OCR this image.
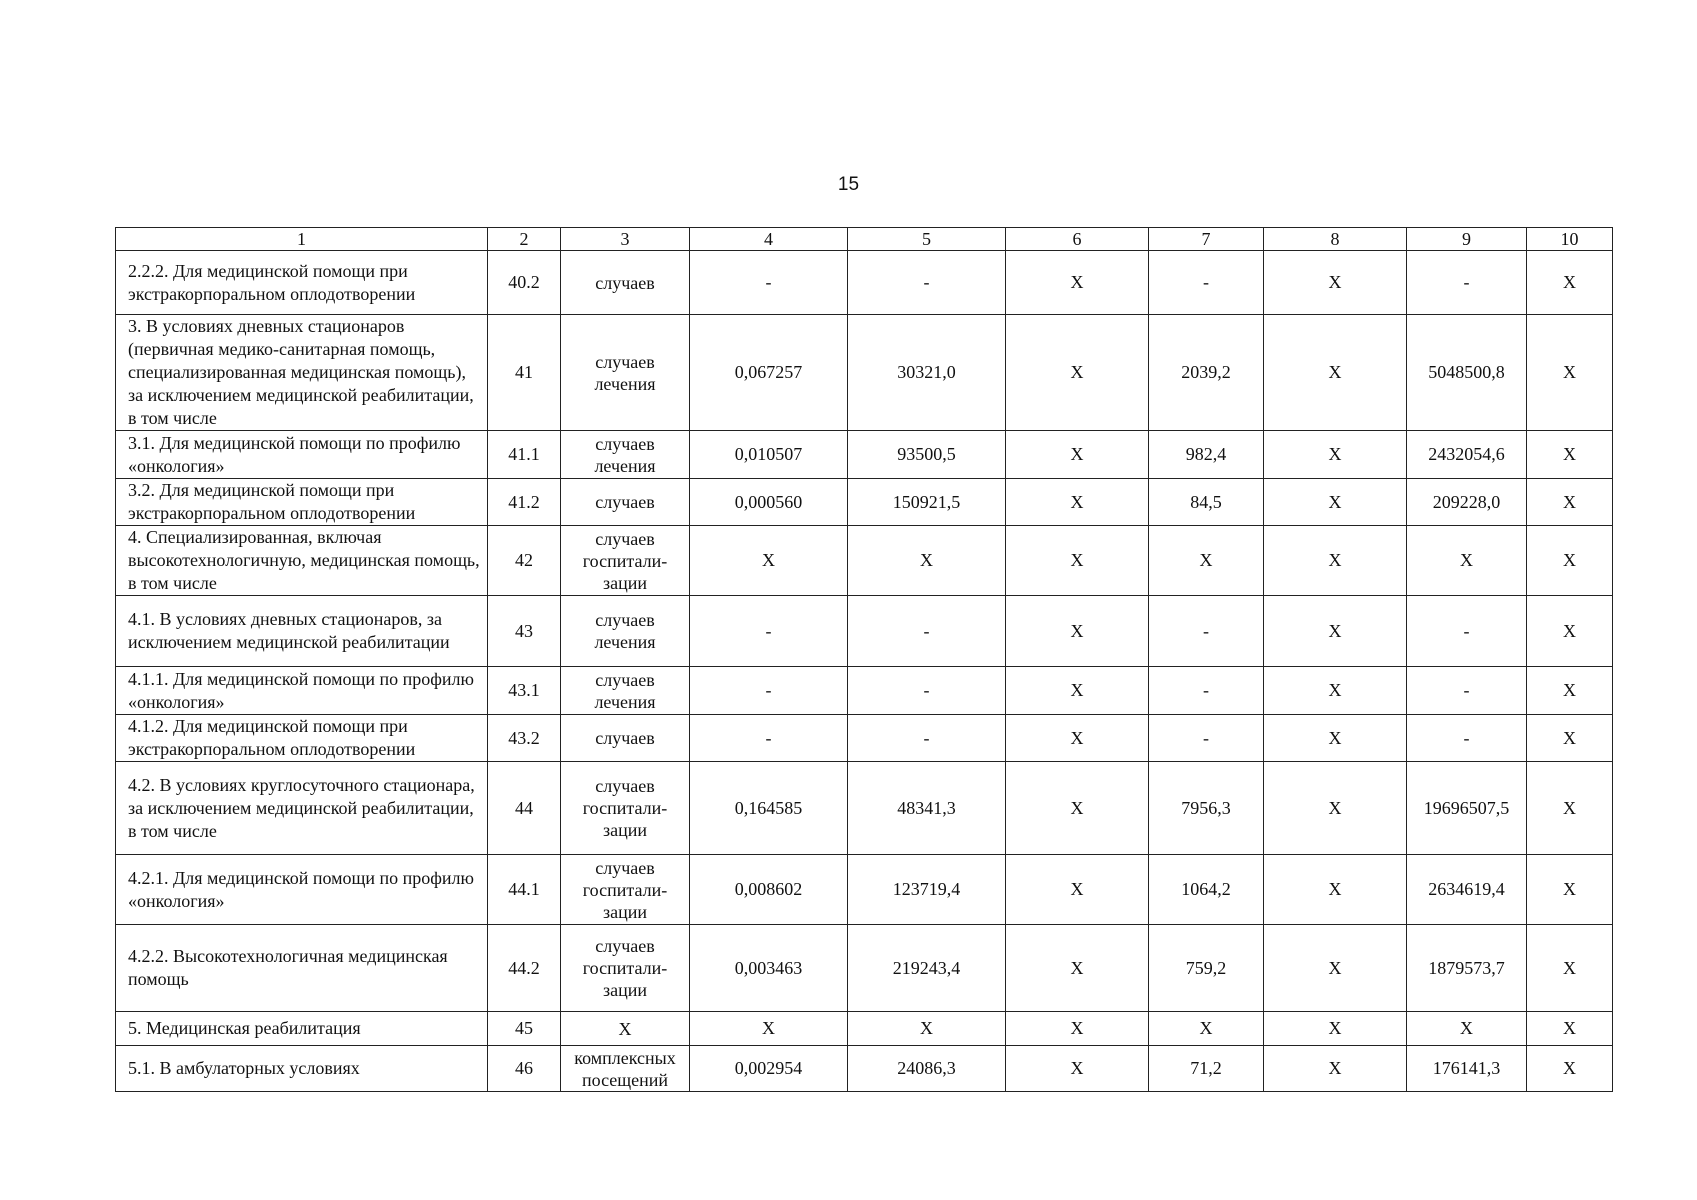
15
1	2	3	4	5	6	7	8	9	10
2.2.2. Для медицинской помощи при экстракорпоральном оплодотворении	40.2	случаев	-	-	X	-	X	-	X
3. В условиях дневных стационаров (первичная медико-санитарная помощь, специализированная медицинская помощь), за исключением медицинской реабилитации, в том числе	41	случаев лечения	0,067257	30321,0	X	2039,2	X	5048500,8	X
3.1. Для медицинской помощи по профилю «онкология»	41.1	случаев лечения	0,010507	93500,5	X	982,4	X	2432054,6	X
3.2. Для медицинской помощи при экстракорпоральном оплодотворении	41.2	случаев	0,000560	150921,5	X	84,5	X	209228,0	X
4. Специализированная, включая высокотехнологичную, медицинская помощь, в том числе	42	случаев госпитали-зации	X	X	X	X	X	X	X
4.1. В условиях дневных стационаров, за исключением медицинской реабилитации	43	случаев лечения	-	-	X	-	X	-	X
4.1.1. Для медицинской помощи по профилю «онкология»	43.1	случаев лечения	-	-	X	-	X	-	X
4.1.2. Для медицинской помощи при экстракорпоральном оплодотворении	43.2	случаев	-	-	X	-	X	-	X
4.2. В условиях круглосуточного стационара, за исключением медицинской реабилитации, в том числе	44	случаев госпитали-зации	0,164585	48341,3	X	7956,3	X	19696507,5	X
4.2.1. Для медицинской помощи по профилю «онкология»	44.1	случаев госпитали-зации	0,008602	123719,4	X	1064,2	X	2634619,4	X
4.2.2. Высокотехнологичная медицинская помощь	44.2	случаев госпитали-зации	0,003463	219243,4	X	759,2	X	1879573,7	X
5. Медицинская реабилитация	45	X	X	X	X	X	X	X	X
5.1. В амбулаторных условиях	46	комплексных посещений	0,002954	24086,3	X	71,2	X	176141,3	X
